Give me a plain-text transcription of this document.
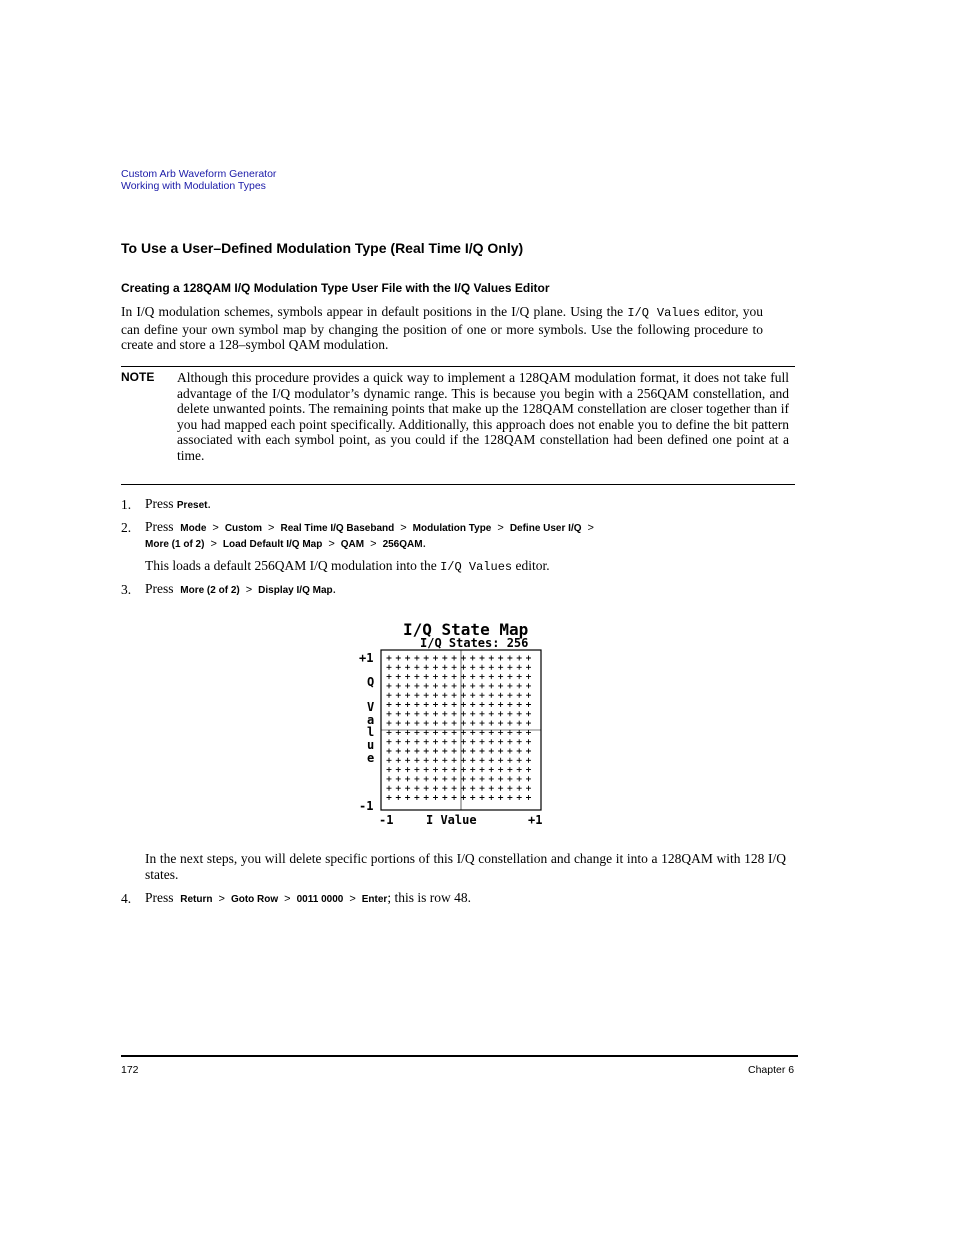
Custom Arb Waveform Generator
Working with Modulation Types
To Use a User–Defined Modulation Type (Real Time I/Q Only)
Creating a 128QAM I/Q Modulation Type User File with the I/Q Values Editor
In I/Q modulation schemes, symbols appear in default positions in the I/Q plane. Using the I/Q Values editor, you can define your own symbol map by changing the position of one or more symbols. Use the following procedure to create and store a 128–symbol QAM modulation.
NOTE Although this procedure provides a quick way to implement a 128QAM modulation format, it does not take full advantage of the I/Q modulator’s dynamic range. This is because you begin with a 256QAM constellation, and delete unwanted points. The remaining points that make up the 128QAM constellation are closer together than if you had mapped each point specifically. Additionally, this approach does not enable you to define the bit pattern associated with each symbol point, as you could if the 128QAM constellation had been defined one point at a time.
1. Press Preset.
2. Press Mode > Custom > Real Time I/Q Baseband > Modulation Type > Define User I/Q >
More (1 of 2) > Load Default I/Q Map > QAM > 256QAM.
This loads a default 256QAM I/Q modulation into the I/Q Values editor.
3. Press More (2 of 2) > Display I/Q Map.
I/Q State Map
I/Q States: 256
+1
-1
Q
V
a
l
u
e
-1	I Value	+1
In the next steps, you will delete specific portions of this I/Q constellation and change it into a 128QAM with 128 I/Q states.
4. Press Return > Goto Row > 0011 0000 > Enter; this is row 48.
172	Chapter 6
